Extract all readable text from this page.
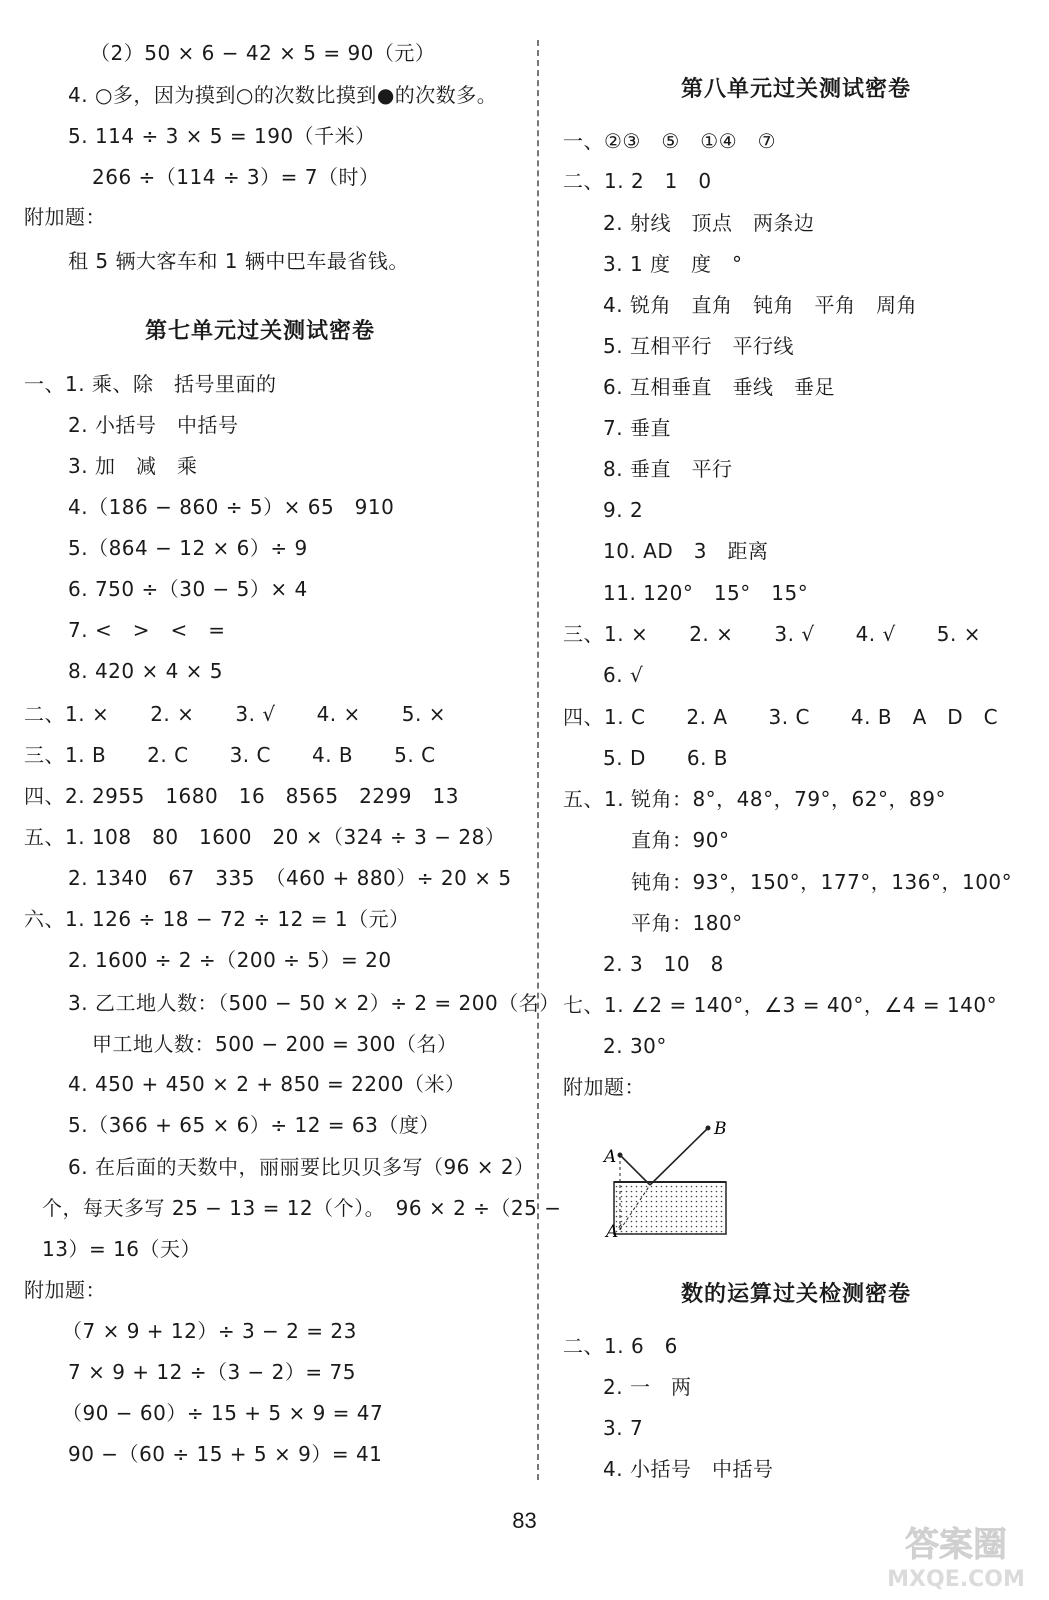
（2）50 × 6 − 42 × 5 = 90（元）
4. ○多，因为摸到○的次数比摸到●的次数多。
5. 114 ÷ 3 × 5 = 190（千米）
266 ÷（114 ÷ 3）= 7（时）
附加题：
租 5 辆大客车和 1 辆中巴车最省钱。
第七单元过关测试密卷
一、1. 乘、除　括号里面的
2. 小括号　中括号
3. 加　减　乘
4.（186 − 860 ÷ 5）× 65　910
5.（864 − 12 × 6）÷ 9
6. 750 ÷（30 − 5）× 4
7. <　>　<　=
8. 420 × 4 × 5
二、1. ×　　2. ×　　3. √　　4. ×　　5. ×
三、1. B　　2. C　　3. C　　4. B　　5. C
四、2. 2955　1680　16　8565　2299　13
五、1. 108　80　1600　20 ×（324 ÷ 3 − 28）
2. 1340　67　335　（460 + 880）÷ 20 × 5
六、1. 126 ÷ 18 − 72 ÷ 12 = 1（元）
2. 1600 ÷ 2 ÷（200 ÷ 5）= 20
3. 乙工地人数：（500 − 50 × 2）÷ 2 = 200（名）
甲工地人数：500 − 200 = 300（名）
4. 450 + 450 × 2 + 850 = 2200（米）
5.（366 + 65 × 6）÷ 12 = 63（度）
6. 在后面的天数中，丽丽要比贝贝多写（96 × 2）
个，每天多写 25 − 13 = 12（个）。　96 × 2 ÷（25 −
13）= 16（天）
附加题：
（7 × 9 + 12）÷ 3 − 2 = 23
7 × 9 + 12 ÷（3 − 2）= 75
（90 − 60）÷ 15 + 5 × 9 = 47
90 −（60 ÷ 15 + 5 × 9）= 41
第八单元过关测试密卷
一、②③　⑤　①④　⑦
二、1. 2　1　0
2. 射线　顶点　两条边
3. 1 度　度　°
4. 锐角　直角　钝角　平角　周角
5. 互相平行　平行线
6. 互相垂直　垂线　垂足
7. 垂直
8. 垂直　平行
9. 2
10. AD　3　距离
11. 120°　15°　15°
三、1. ×　　2. ×　　3. √　　4. √　　5. ×
6. √
四、1. C　　2. A　　3. C　　4. B　A　D　C
5. D　　6. B
五、1. 锐角：8°，48°，79°，62°，89°
直角：90°
钝角：93°，150°，177°，136°，100°
平角：180°
2. 3　10　8
七、1. ∠2 = 140°，∠3 = 40°，∠4 = 140°
2. 30°
附加题：
数的运算过关检测密卷
二、1. 6　6
2. 一　两
3. 7
4. 小括号　中括号
A
B
A′
83
答案圈
MXQE.COM
